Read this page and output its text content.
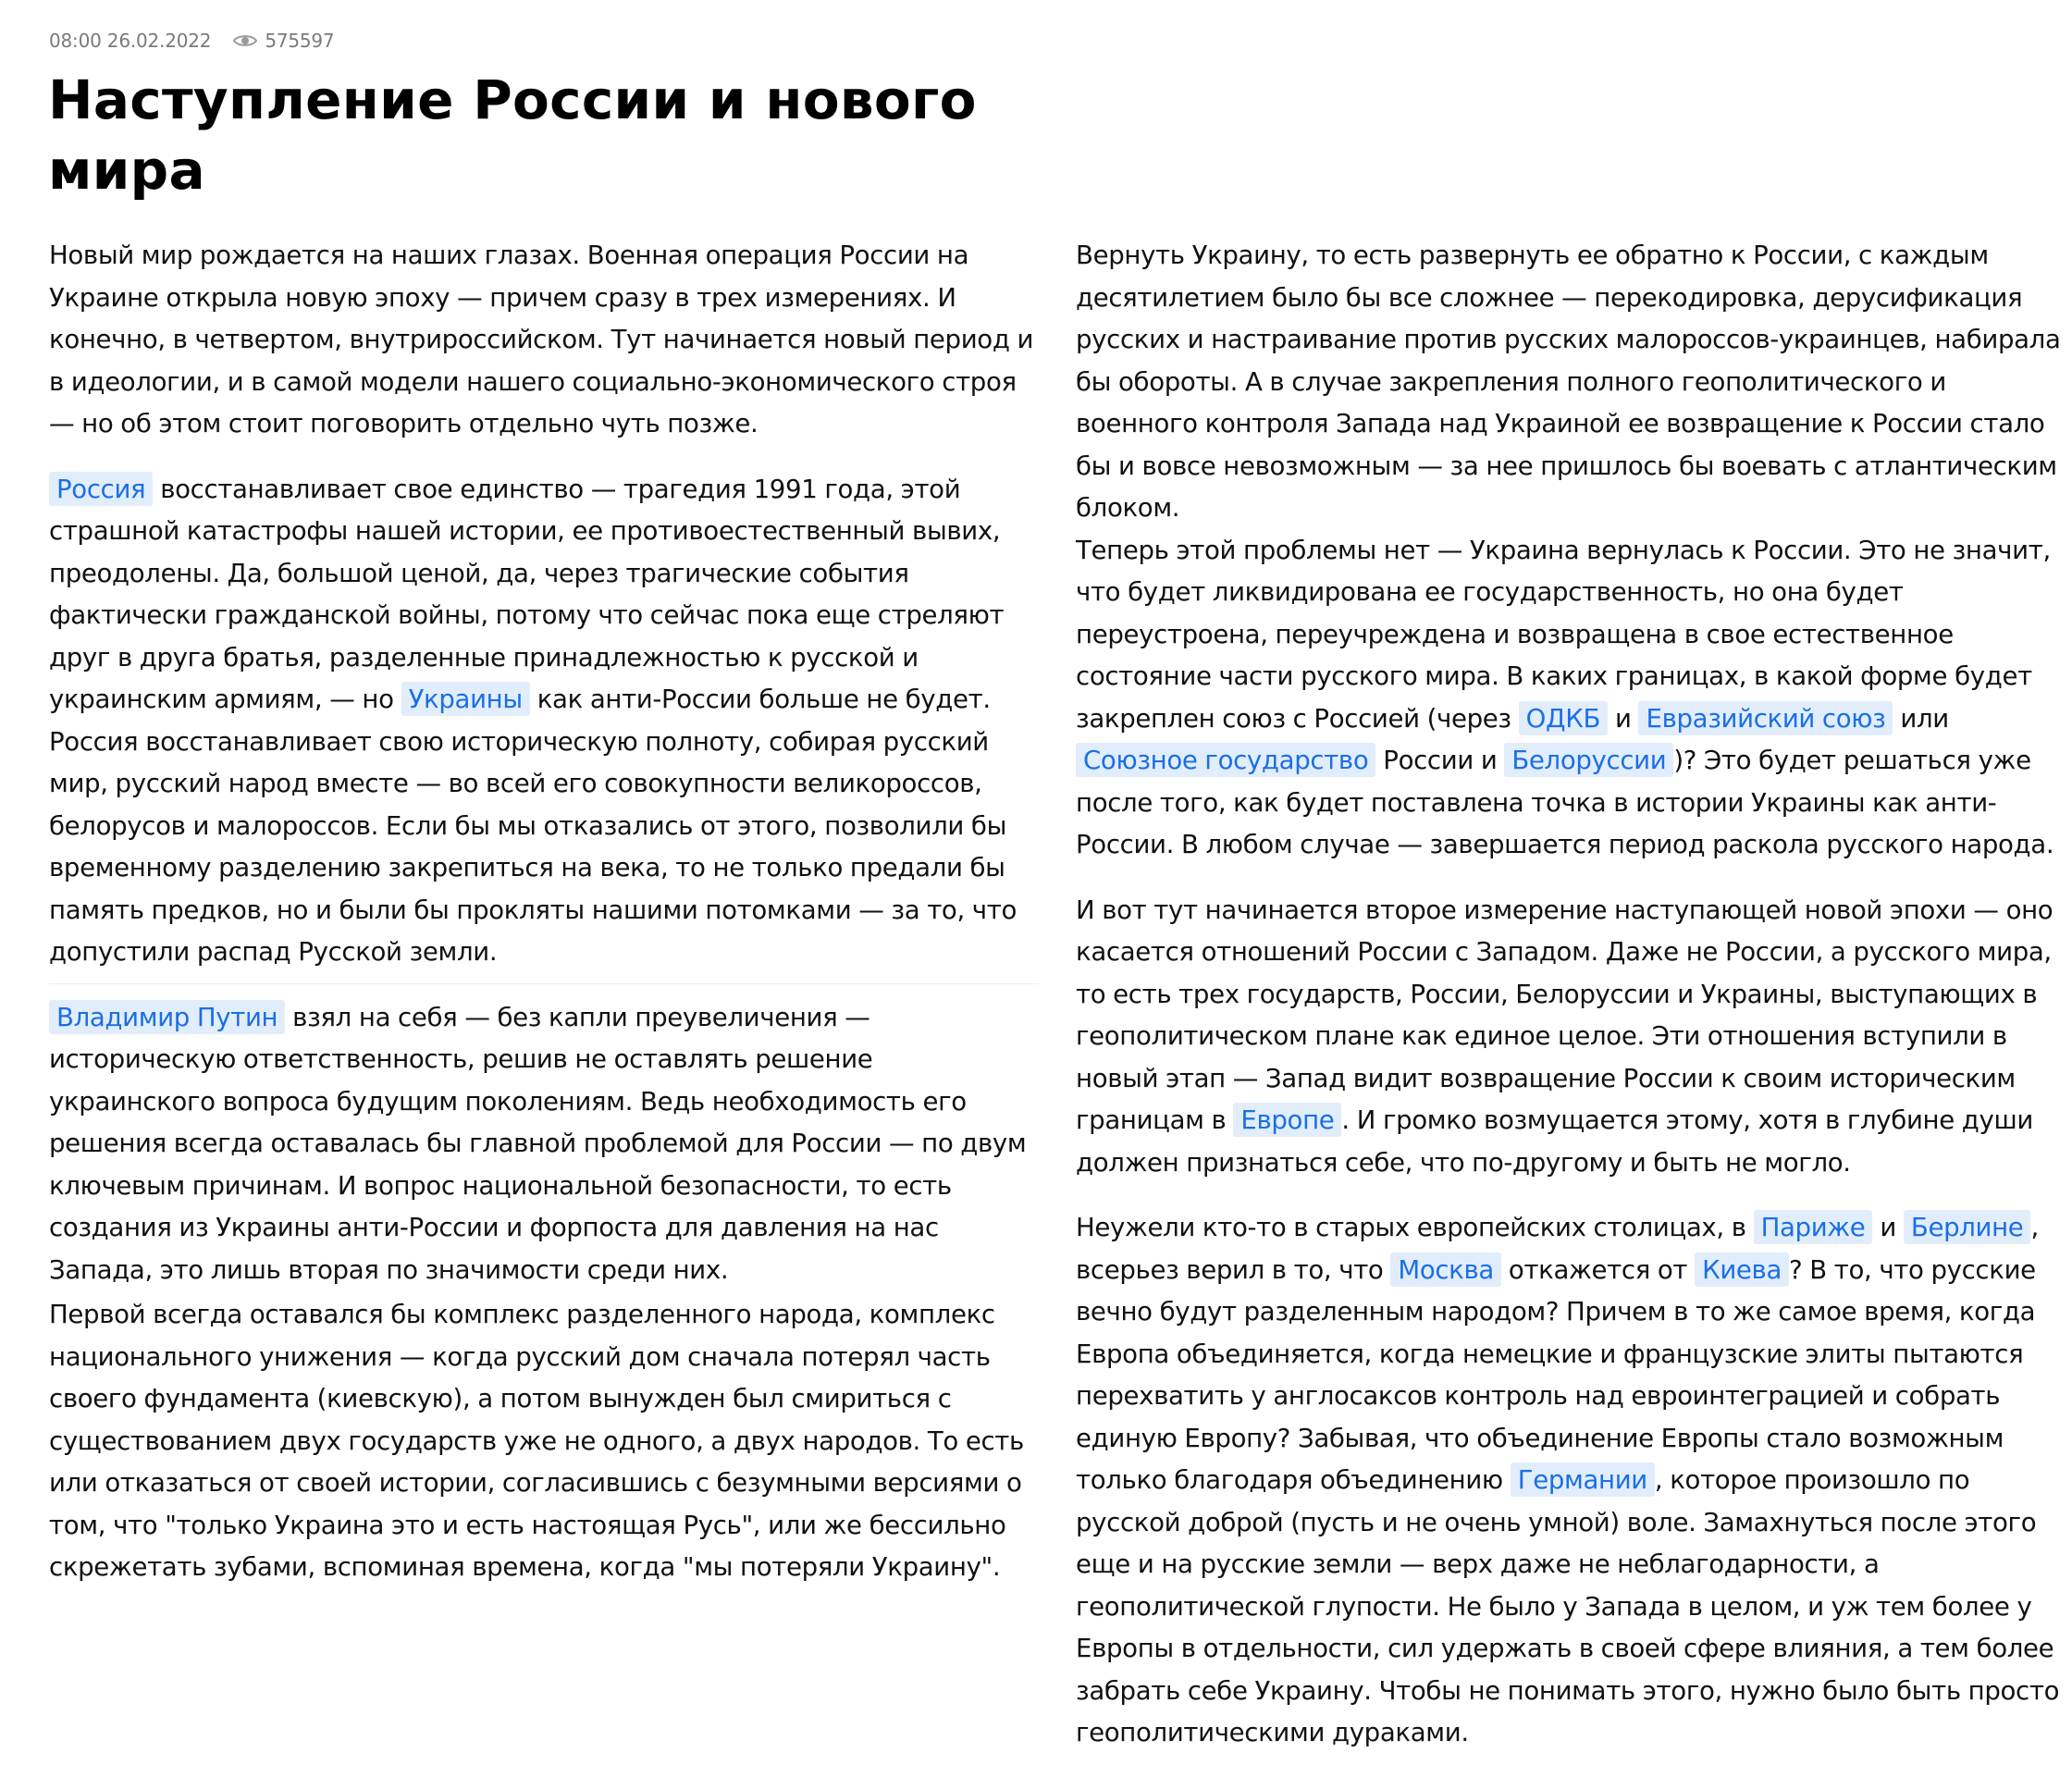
08:00 26.02.2022	575597
Наступление России и нового мира

Новый мир рождается на наших глазах. Военная операция России на Украине открыла новую эпоху — причем сразу в трех измерениях. И конечно, в четвертом, внутрироссийском. Тут начинается новый период и в идеологии, и в самой модели нашего социально-экономического строя — но об этом стоит поговорить отдельно чуть позже.

Россия восстанавливает свое единство — трагедия 1991 года, этой страшной катастрофы нашей истории, ее противоестественный вывих, преодолены. Да, большой ценой, да, через трагические события фактически гражданской войны, потому что сейчас пока еще стреляют друг в друга братья, разделенные принадлежностью к русской и украинским армиям, — но Украины как анти-России больше не будет. Россия восстанавливает свою историческую полноту, собирая русский мир, русский народ вместе — во всей его совокупности великороссов, белорусов и малороссов. Если бы мы отказались от этого, позволили бы временному разделению закрепиться на века, то не только предали бы память предков, но и были бы прокляты нашими потомками — за то, что допустили распад Русской земли.

Владимир Путин взял на себя — без капли преувеличения — историческую ответственность, решив не оставлять решение украинского вопроса будущим поколениям. Ведь необходимость его решения всегда оставалась бы главной проблемой для России — по двум ключевым причинам. И вопрос национальной безопасности, то есть создания из Украины анти-России и форпоста для давления на нас Запада, это лишь вторая по значимости среди них.

Первой всегда оставался бы комплекс разделенного народа, комплекс национального унижения — когда русский дом сначала потерял часть своего фундамента (киевскую), а потом вынужден был смириться с существованием двух государств уже не одного, а двух народов. То есть или отказаться от своей истории, согласившись с безумными версиями о том, что "только Украина это и есть настоящая Русь", или же бессильно скрежетать зубами, вспоминая времена, когда "мы потеряли Украину".

Вернуть Украину, то есть развернуть ее обратно к России, с каждым десятилетием было бы все сложнее — перекодировка, дерусификация русских и настраивание против русских малороссов-украинцев, набирала бы обороты. А в случае закрепления полного геополитического и военного контроля Запада над Украиной ее возвращение к России стало бы и вовсе невозможным — за нее пришлось бы воевать с атлантическим блоком.

Теперь этой проблемы нет — Украина вернулась к России. Это не значит, что будет ликвидирована ее государственность, но она будет переустроена, переучреждена и возвращена в свое естественное состояние части русского мира. В каких границах, в какой форме будет закреплен союз с Россией (через ОДКБ и Евразийский союз или Союзное государство России и Белоруссии )? Это будет решаться уже после того, как будет поставлена точка в истории Украины как анти-России. В любом случае — завершается период раскола русского народа.

И вот тут начинается второе измерение наступающей новой эпохи — оно касается отношений России с Западом. Даже не России, а русского мира, то есть трех государств, России, Белоруссии и Украины, выступающих в геополитическом плане как единое целое. Эти отношения вступили в новый этап — Запад видит возвращение России к своим историческим границам в Европе . И громко возмущается этому, хотя в глубине души должен признаться себе, что по-другому и быть не могло.

Неужели кто-то в старых европейских столицах, в Париже и Берлине , всерьез верил в то, что Москва откажется от Киева ? В то, что русские вечно будут разделенным народом? Причем в то же самое время, когда Европа объединяется, когда немецкие и французские элиты пытаются перехватить у англосаксов контроль над евроинтеграцией и собрать единую Европу? Забывая, что объединение Европы стало возможным только благодаря объединению Германии , которое произошло по русской доброй (пусть и не очень умной) воле. Замахнуться после этого еще и на русские земли — верх даже не неблагодарности, а геополитической глупости. Не было у Запада в целом, и уж тем более у Европы в отдельности, сил удержать в своей сфере влияния, а тем более забрать себе Украину. Чтобы не понимать этого, нужно было быть просто геополитическими дураками.
